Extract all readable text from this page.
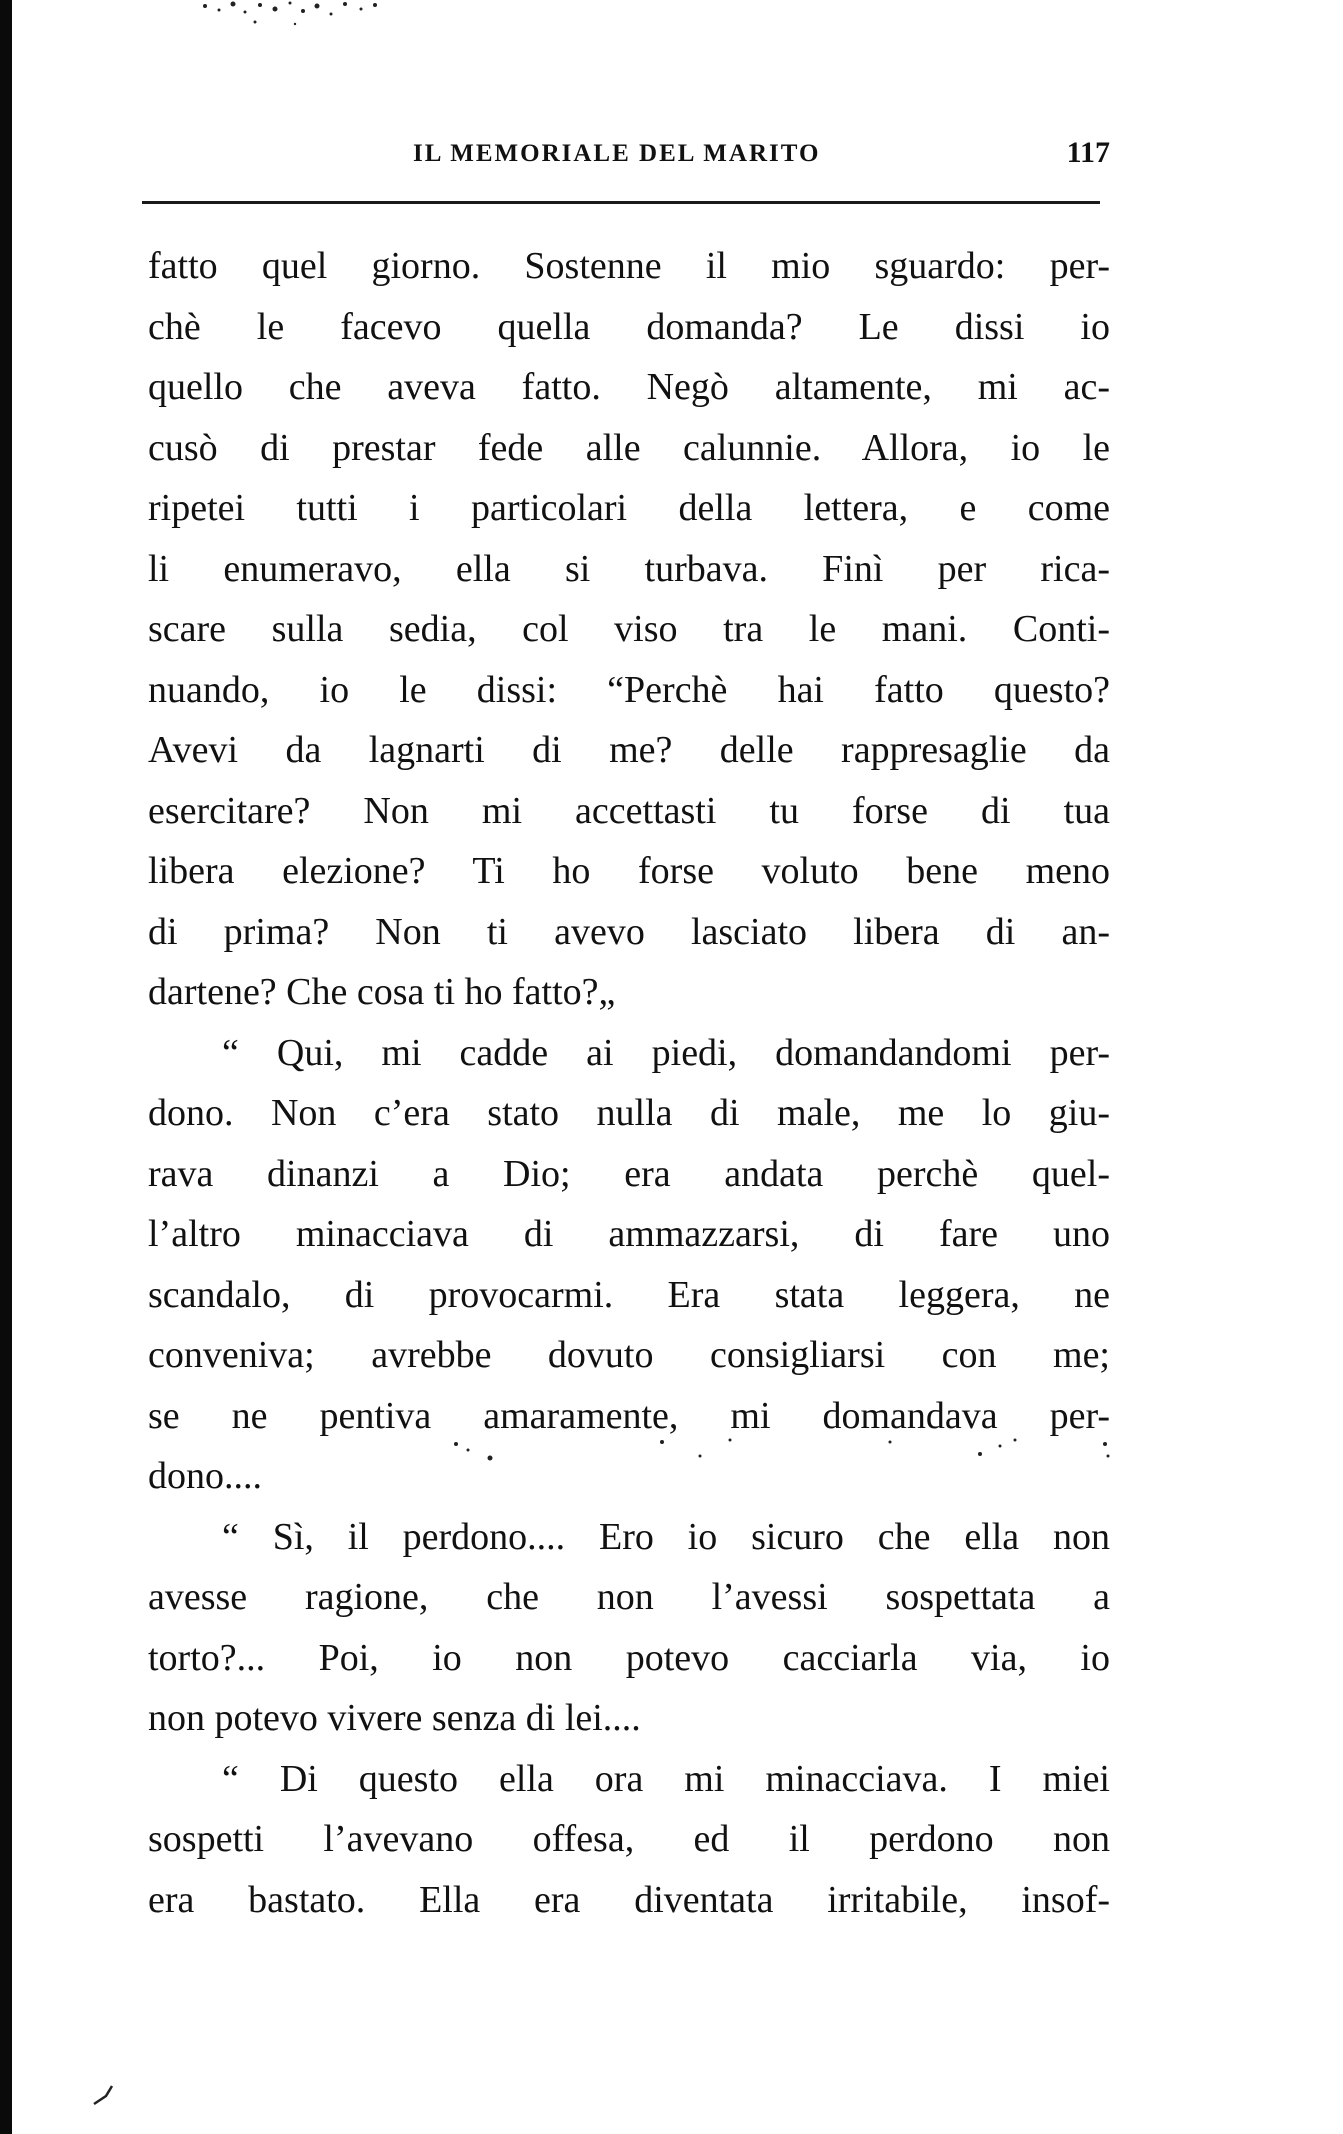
IL MEMORIALE DEL MARITO	117
fatto quel giorno. Sostenne il mio sguardo: per-
chè le facevo quella domanda? Le dissi io
quello che aveva fatto. Negò altamente, mi ac-
cusò di prestar fede alle calunnie. Allora, io le
ripetei tutti i particolari della lettera, e come
li enumeravo, ella si turbava. Finì per rica-
scare sulla sedia, col viso tra le mani. Conti-
nuando, io le dissi: “Perchè hai fatto questo?
Avevi da lagnarti di me? delle rappresaglie da
esercitare? Non mi accettasti tu forse di tua
libera elezione? Ti ho forse voluto bene meno
di prima? Non ti avevo lasciato libera di an-
dartene? Che cosa ti ho fatto?„
“ Qui, mi cadde ai piedi, domandandomi per-
dono. Non c’era stato nulla di male, me lo giu-
rava dinanzi a Dio; era andata perchè quel-
l’altro minacciava di ammazzarsi, di fare uno
scandalo, di provocarmi. Era stata leggera, ne
conveniva; avrebbe dovuto consigliarsi con me;
se ne pentiva amaramente, mi domandava per-
dono....
“ Sì, il perdono.... Ero io sicuro che ella non
avesse ragione, che non l’avessi sospettata a
torto?... Poi, io non potevo cacciarla via, io
non potevo vivere senza di lei....
“ Di questo ella ora mi minacciava. I miei
sospetti l’avevano offesa, ed il perdono non
era bastato. Ella era diventata irritabile, insof-
